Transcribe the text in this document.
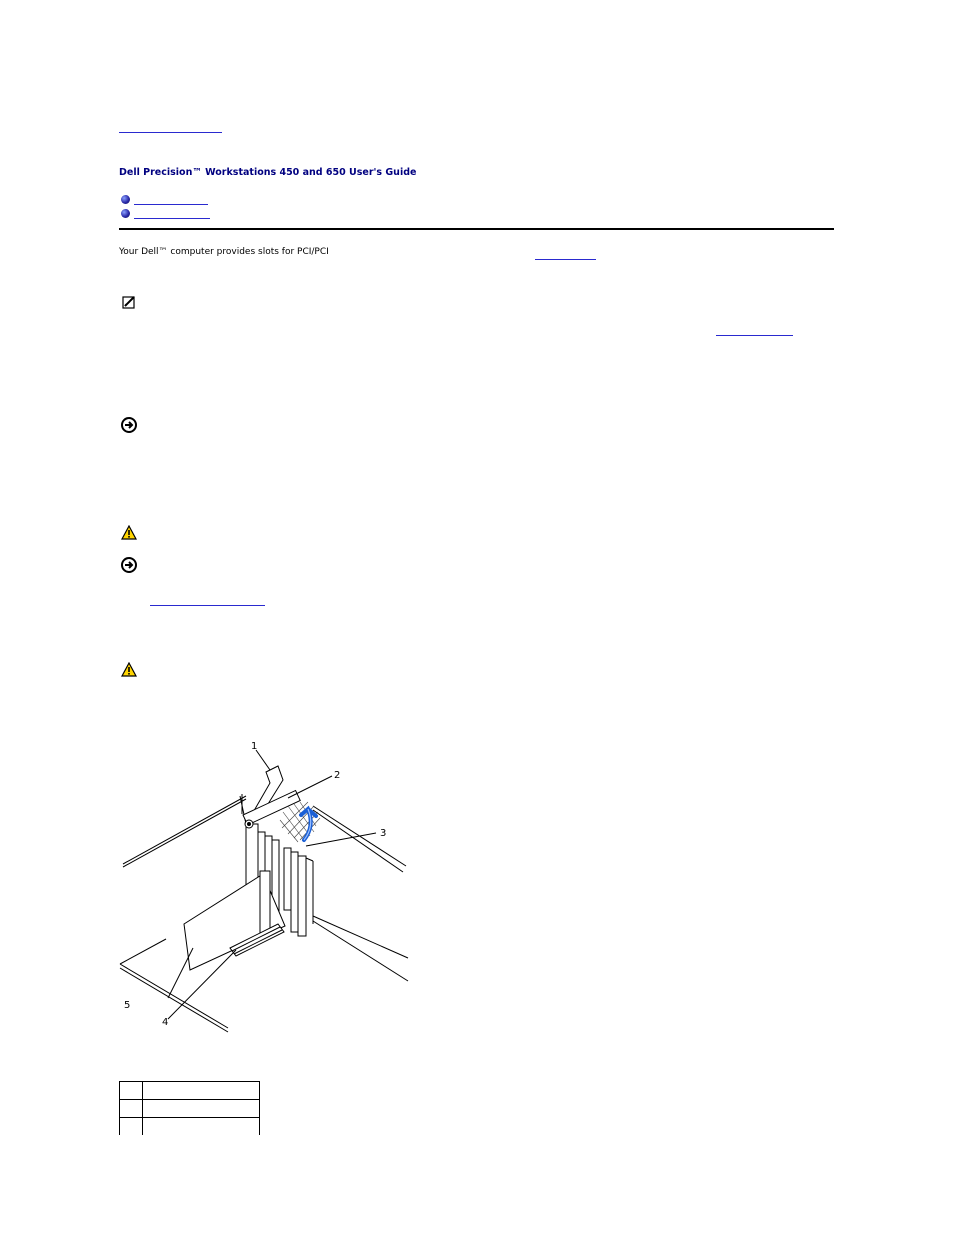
Dell Precision™ Workstations 450 and 650 User's Guide
Your Dell™ computer provides slots for PCI/PCI
1
2
3
4
5
